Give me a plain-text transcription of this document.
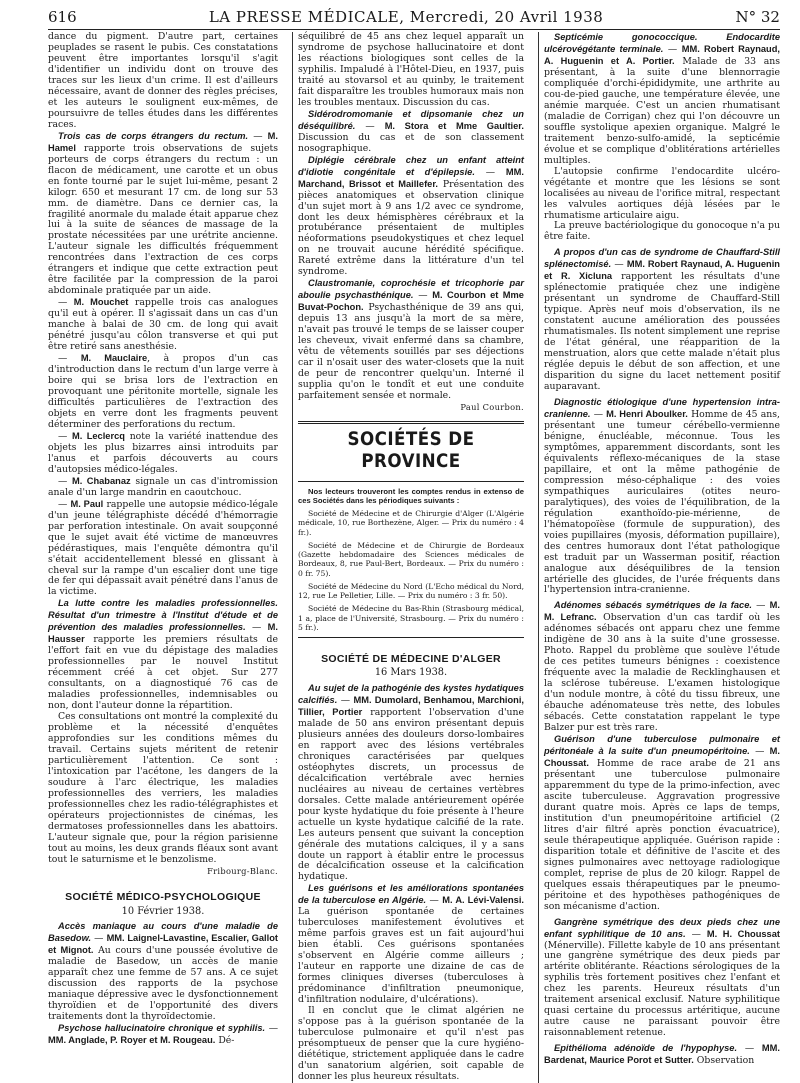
616	LA PRESSE MÉDICALE, Mercredi, 20 Avril 1938	N° 32

dance du pigment. D'autre part, certaines peuplades se rasent le pubis. Ces constatations peuvent être importantes lorsqu'il s'agit d'identifier un individu dont on trouve des traces sur les lieux d'un crime. Il est d'ailleurs nécessaire, avant de donner des règles précises, et les auteurs le soulignent eux-mêmes, de poursuivre de telles études dans les différentes races.

Trois cas de corps étrangers du rectum. — M. Hamel rapporte trois observations de sujets porteurs de corps étrangers du rectum : un flacon de médicament, une carotte et un obus en fonte tourné par le sujet lui-même, pesant 2 kilogr. 650 et mesurant 17 cm. de long sur 53 mm. de diamètre. Dans ce dernier cas, la fragilité anormale du malade était apparue chez lui à la suite de séances de massage de la prostate nécessitées par une urétrite ancienne. L'auteur signale les difficultés fréquemment rencontrées dans l'extraction de ces corps étrangers et indique que cette extraction peut être facilitée par la compression de la paroi abdominale pratiquée par un aide.

— M. Mouchet rappelle trois cas analogues qu'il eut à opérer. Il s'agissait dans un cas d'un manche à balai de 30 cm. de long qui avait pénétré jusqu'au côlon transverse et qui put être retiré sans anesthésie.

— M. Mauclaire, à propos d'un cas d'introduction dans le rectum d'un large verre à boire qui se brisa lors de l'extraction en provoquant une péritonite mortelle, signale les difficultés particulières de l'extraction des objets en verre dont les fragments peuvent déterminer des perforations du rectum.

— M. Leclercq note la variété inattendue des objets les plus bizarres ainsi introduits par l'anus et parfois découverts au cours d'autopsies médico-légales.

— M. Chabanaz signale un cas d'intromission anale d'un large mandrin en caoutchouc.

— M. Paul rappelle une autopsie médico-légale d'un jeune télégraphiste décédé d'hémorragie par perforation intestinale. On avait soupçonné que le sujet avait été victime de manœuvres pédérastiques, mais l'enquête démontra qu'il s'était accidentellement blessé en glissant à cheval sur la rampe d'un escalier dont une tige de fer qui dépassait avait pénétré dans l'anus de la victime.

La lutte contre les maladies professionnelles. Résultat d'un trimestre à l'Institut d'étude et de prévention des maladies professionnelles. — M. Hausser rapporte les premiers résultats de l'effort fait en vue du dépistage des maladies professionnelles par le nouvel Institut récemment créé à cet objet. Sur 277 consultants, on a diagnostiqué 76 cas de maladies professionnelles, indemnisables ou non, dont l'auteur donne la répartition.

Ces consultations ont montré la complexité du problème et la nécessité d'enquêtes approfondies sur les conditions mêmes du travail. Certains sujets méritent de retenir particulièrement l'attention. Ce sont : l'intoxication par l'acétone, les dangers de la soudure à l'arc électrique, les maladies professionnelles des verriers, les maladies professionnelles chez les radio-télégraphistes et opérateurs projectionnistes de cinémas, les dermatoses professionnelles dans les abattoirs. L'auteur signale que, pour la région parisienne tout au moins, les deux grands fléaux sont avant tout le saturnisme et le benzolisme.

Fribourg-Blanc.
SOCIÉTÉ MÉDICO-PSYCHOLOGIQUE
10 Février 1938.

Accès maniaque au cours d'une maladie de Basedow. — MM. Laignel-Lavastine, Escalier, Gallot et Mignot. Au cours d'une poussée évolutive de maladie de Basedow, un accès de manie apparaît chez une femme de 57 ans. A ce sujet discussion des rapports de la psychose maniaque dépressive avec le dysfonctionnement thyroïdien et de l'opportunité des divers traitements dont la thyroïdectomie.

Psychose hallucinatoire chronique et syphilis. — MM. Anglade, P. Royer et M. Rougeau. Dé-

séquilibré de 45 ans chez lequel apparaît un syndrome de psychose hallucinatoire et dont les réactions biologiques sont celles de la syphilis. Impaludé à l'Hôtel-Dieu, en 1937, puis traité au stovarsol et au quinby, le traitement fait disparaître les troubles humoraux mais non les troubles mentaux. Discussion du cas.

Sidérodromomanie et dipsomanie chez un déséquilibré. — M. Stora et Mme Gaultier. Discussion du cas et de son classement nosographique.

Diplégie cérébrale chez un enfant atteint d'idiotie congénitale et d'épilepsie. — MM. Marchand, Brissot et Maillefer. Présentation des pièces anatomiques et observation clinique d'un sujet mort à 9 ans 1/2 avec ce syndrome, dont les deux hémisphères cérébraux et la protubérance présentaient de multiples néoformations pseudokystiques et chez lequel on ne trouvait aucune hérédité spécifique. Rareté extrême dans la littérature d'un tel syndrome.

Claustromanie, coprochésie et tricophorie par aboulie psychasthénique. — M. Courbon et Mme Buvat-Pochon. Psychasthénique de 39 ans qui, depuis 13 ans jusqu'à la mort de sa mère, n'avait pas trouvé le temps de se laisser couper les cheveux, vivait enfermé dans sa chambre, vêtu de vêtements souillés par ses déjections car il n'osait user des water-closets que la nuit de peur de rencontrer quelqu'un. Interné il supplia qu'on le tondît et eut une conduite parfaitement sensée et normale.

Paul Courbon.
SOCIÉTÉS DE PROVINCE

Nos lecteurs trouveront les comptes rendus in extenso de ces Sociétés dans les périodiques suivants :

Société de Médecine et de Chirurgie d'Alger (L'Algérie médicale, 10, rue Borthezène, Alger. — Prix du numéro : 4 fr.).

Société de Médecine et de Chirurgie de Bordeaux (Gazette hebdomadaire des Sciences médicales de Bordeaux, 8, rue Paul-Bert, Bordeaux. — Prix du numéro : 0 fr. 75).

Société de Médecine du Nord (L'Echo médical du Nord, 12, rue Le Pelletier, Lille. — Prix du numéro : 3 fr. 50).

Société de Médecine du Bas-Rhin (Strasbourg médical, 1 a, place de l'Université, Strasbourg. — Prix du numéro : 5 fr.).

SOCIÉTÉ DE MÉDECINE D'ALGER
16 Mars 1938.

Au sujet de la pathogénie des kystes hydatiques calcifiés. — MM. Dumolard, Benhamou, Marchioni, Tillier, Portier rapportent l'observation d'une malade de 50 ans environ présentant depuis plusieurs années des douleurs dorso-lombaires en rapport avec des lésions vertébrales chroniques caractérisées par quelques ostéophytes discrets, un processus de décalcification vertébrale avec hernies nucléaires au niveau de certaines vertèbres dorsales. Cette malade antérieurement opérée pour kyste hydatique du foie présente à l'heure actuelle un kyste hydatique calcifié de la rate. Les auteurs pensent que suivant la conception générale des mutations calciques, il y a sans doute un rapport à établir entre le processus de décalcification osseuse et la calcification hydatique.

Les guérisons et les améliorations spontanées de la tuberculose en Algérie. — M. A. Lévi-Valensi. La guérison spontanée de certaines tuberculoses manifestement évolutives et même parfois graves est un fait aujourd'hui bien établi. Ces guérisons spontanées s'observent en Algérie comme ailleurs ; l'auteur en rapporte une dizaine de cas de formes cliniques diverses (tuberculoses à prédominance d'infiltration pneumonique, d'infiltration nodulaire, d'ulcérations).

Il en conclut que le climat algérien ne s'oppose pas à la guérison spontanée de la tuberculose pulmonaire et qu'il n'est pas présomptueux de penser que la cure hygiéno-diététique, strictement appliquée dans le cadre d'un sanatorium algérien, soit capable de donner les plus heureux résultats.

Septicémie gonococcique. Endocardite ulcérovégétante terminale. — MM. Robert Raynaud, A. Huguenin et A. Portier. Malade de 33 ans présentant, à la suite d'une blennorragie compliquée d'orchi-épididymite, une arthrite au cou-de-pied gauche, une température élevée, une anémie marquée. C'est un ancien rhumatisant (maladie de Corrigan) chez qui l'on découvre un souffle systolique apexien organique. Malgré le traitement benzo-sulfo-amidé, la septicémie évolue et se complique d'oblitérations artérielles multiples.

L'autopsie confirme l'endocardite ulcéro-végétante et montre que les lésions se sont localisées au niveau de l'orifice mitral, respectant les valvules aortiques déjà lésées par le rhumatisme articulaire aigu.

La preuve bactériologique du gonocoque n'a pu être faite.

A propos d'un cas de syndrome de Chauffard-Still splénectomisé. — MM. Robert Raynaud, A. Huguenin et R. Xicluna rapportent les résultats d'une splénectomie pratiquée chez une indigène présentant un syndrome de Chauffard-Still typique. Après neuf mois d'observation, ils ne constatent aucune amélioration des poussées rhumatismales. Ils notent simplement une reprise de l'état général, une réapparition de la menstruation, alors que cette malade n'était plus réglée depuis le début de son affection, et une disparition du signe du lacet nettement positif auparavant.

Diagnostic étiologique d'une hypertension intra-cranienne. — M. Henri Aboulker. Homme de 45 ans, présentant une tumeur cérébello-vermienne bénigne, énucléable, méconnue. Tous les symptômes, apparemment discordants, sont les équivalents réflexo-mécaniques de la stase papillaire, et ont la même pathogénie de compression méso-céphalique : des voies sympathiques auriculaires (otites neuro-paralytiques), des voies de l'équilibration, de la régulation exanthoïdo-pie-mérienne, de l'hématopoïèse (formule de suppuration), des voies pupillaires (myosis, déformation pupillaire), des centres humoraux dont l'état pathologique est traduit par un Wasserman positif, réaction analogue aux déséquilibres de la tension artérielle des glucides, de l'urée fréquents dans l'hypertension intra-cranienne.

Adénomes sébacés symétriques de la face. — M. M. Lefranc. Observation d'un cas tardif où les adénomes sébacés ont apparu chez une femme indigène de 30 ans à la suite d'une grossesse. Photo. Rappel du problème que soulève l'étude de ces petites tumeurs bénignes : coexistence fréquente avec la maladie de Recklinghausen et la sclérose tubéreuse. L'examen histologique d'un nodule montre, à côté du tissu fibreux, une ébauche adénomateuse très nette, des lobules sébacés. Cette constatation rappelant le type Balzer pur est très rare.

Guérison d'une tuberculose pulmonaire et péritonéale à la suite d'un pneumopéritoine. — M. Choussat. Homme de race arabe de 21 ans présentant une tuberculose pulmonaire apparemment du type de la primo-infection, avec ascite tuberculeuse. Aggravation progressive durant quatre mois. Après ce laps de temps, institution d'un pneumopéritoine artificiel (2 litres d'air filtré après ponction évacuatrice), seule thérapeutique appliquée. Guérison rapide : disparition totale et définitive de l'ascite et des signes pulmonaires avec nettoyage radiologique complet, reprise de plus de 20 kilogr. Rappel de quelques essais thérapeutiques par le pneumo-péritoine et des hypothèses pathogéniques de son mécanisme d'action.

Gangrène symétrique des deux pieds chez une enfant syphilitique de 10 ans. — M. H. Choussat (Ménerville). Fillette kabyle de 10 ans présentant une gangrène symétrique des deux pieds par artérite oblitérante. Réactions sérologiques de la syphilis très fortement positives chez l'enfant et chez les parents. Heureux résultats d'un traitement arsenical exclusif. Nature syphilitique quasi certaine du processus artéritique, aucune autre cause ne paraissant pouvoir être raisonnablement retenue.

Epithélioma adénoïde de l'hypophyse. — MM. Bardenat, Maurice Porot et Sutter. Observation
